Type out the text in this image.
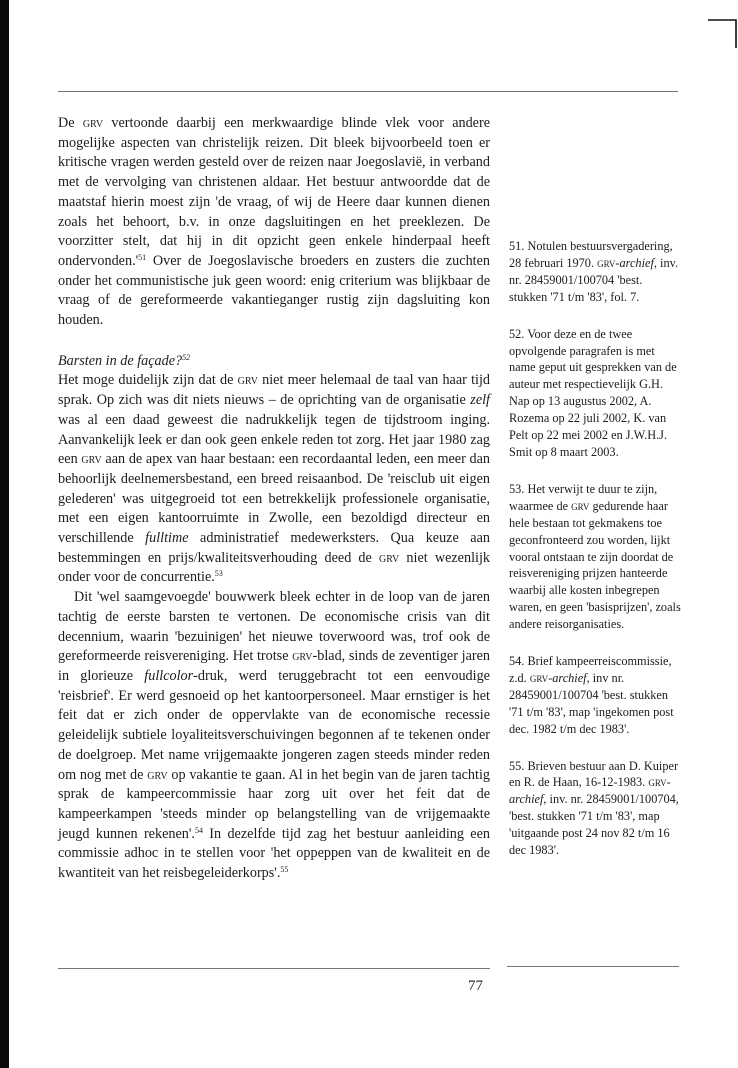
De grv vertoonde daarbij een merkwaardige blinde vlek voor andere mogelijke aspecten van christelijk reizen. Dit bleek bijvoorbeeld toen er kritische vragen werden gesteld over de reizen naar Joegoslavië, in verband met de vervolging van christenen aldaar. Het bestuur antwoordde dat de maatstaf hierin moest zijn 'de vraag, of wij de Heere daar kunnen dienen zoals het behoort, b.v. in onze dagsluitingen en het preeklezen. De voorzitter stelt, dat hij in dit opzicht geen enkele hinderpaal heeft $ondervonden.'^{51}$ Over de Joegoslavische broeders en zusters die zuchten onder het communistische juk geen woord: enig criterium was blijkbaar de vraag of de gereformeerde vakantieganger rustig zijn dagsluiting kon houden.

Barsten in de façade?$^{52}$

Het moge duidelijk zijn dat de grv niet meer helemaal de taal van haar tijd sprak. Op zich was dit niets nieuws – de oprichting van de organisatie zelf was al een daad geweest die nadrukkelijk tegen de tijdstroom inging. Aanvankelijk leek er dan ook geen enkele reden tot zorg. Het jaar 1980 zag een grv aan de apex van haar bestaan: een recordaantal leden, een meer dan behoorlijk deelnemersbestand, een breed reisaanbod. De 'reisclub uit eigen gelederen' was uitgegroeid tot een betrekkelijk professionele organisatie, met een eigen kantoorruimte in Zwolle, een bezoldigd directeur en verschillende fulltime administratief medewerksters. Qua keuze aan bestemmingen en prijs/kwaliteitsverhouding deed de grv niet wezenlijk onder voor de concurrentie.$^{53}$

Dit 'wel saamgevoegde' bouwwerk bleek echter in de loop van de jaren tachtig de eerste barsten te vertonen. De economische crisis van dit decennium, waarin 'bezuinigen' het nieuwe toverwoord was, trof ook de gereformeerde reisvereniging. Het trotse grv-blad, sinds de zeventiger jaren in glorieuze fullcolor-druk, werd teruggebracht tot een eenvoudige 'reisbrief'. Er werd gesnoeid op het kantoorpersoneel. Maar ernstiger is het feit dat er zich onder de oppervlakte van de economische recessie geleidelijk subtiele loyaliteitsverschuivingen begonnen af te tekenen onder de doelgroep. Met name vrijgemaakte jongeren zagen steeds minder reden om nog met de grv op vakantie te gaan. Al in het begin van de jaren tachtig sprak de kampeercommissie haar zorg uit over het feit dat de kampeerkampen 'steeds minder op belangstelling van de vrijgemaakte jeugd kunnen rekenen'.$^{54}$ In dezelfde tijd zag het bestuur aanleiding een commissie adhoc in te stellen voor 'het oppeppen van de kwaliteit en de kwantiteit van het reisbegeleiderkorps'.$^{55}$

51. Notulen bestuursvergadering, 28 februari 1970. grv-archief, inv. nr. 28459001/100704 'best. stukken '71 t/m '83', fol. 7.

52. Voor deze en de twee opvolgende paragrafen is met name geput uit gesprekken van de auteur met respectievelijk G.H. Nap op 13 augustus 2002, A. Rozema op 22 juli 2002, K. van Pelt op 22 mei 2002 en J.W.H.J. Smit op 8 maart 2003.

53. Het verwijt te duur te zijn, waarmee de grv gedurende haar hele bestaan tot gekmakens toe geconfronteerd zou worden, lijkt vooral ontstaan te zijn doordat de reisvereniging prijzen hanteerde waarbij alle kosten inbegrepen waren, en geen 'basisprijzen', zoals andere reisorganisaties.

54. Brief kampeerreiscommissie, z.d. grv-archief, inv nr. 28459001/100704 'best. stukken '71 t/m '83', map 'ingekomen post dec. 1982 t/m dec 1983'.

55. Brieven bestuur aan D. Kuiper en R. de Haan, 16-12-1983. grv-archief, inv. nr. 28459001/100704, 'best. stukken '71 t/m '83', map 'uitgaande post 24 nov 82 t/m 16 dec 1983'.

77
